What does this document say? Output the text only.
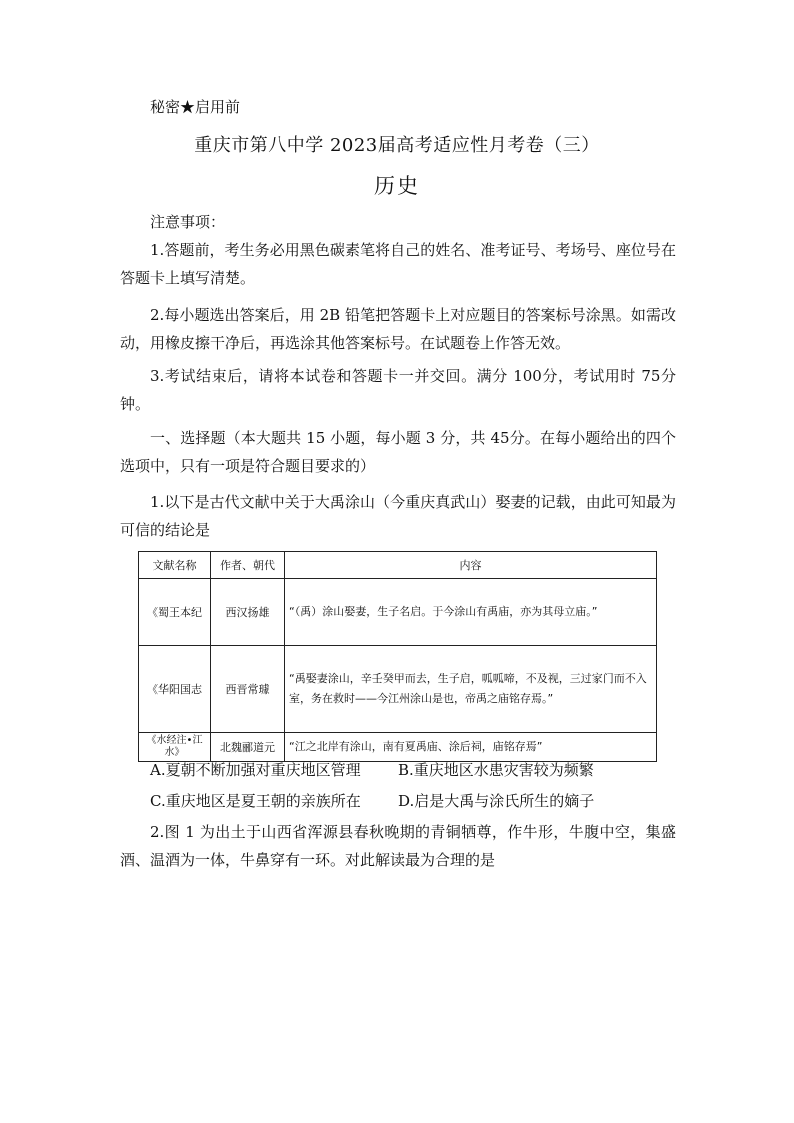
秘密★启用前
重庆市第八中学 2023届高考适应性月考卷（三）
历史

注意事项：

1.答题前，考生务必用黑色碳素笔将自己的姓名、准考证号、考场号、座位号在答题卡上填写清楚。

2.每小题选出答案后，用 2B 铅笔把答题卡上对应题目的答案标号涂黑。如需改动，用橡皮擦干净后，再选涂其他答案标号。在试题卷上作答无效。

3.考试结束后，请将本试卷和答题卡一并交回。满分 100分，考试用时 75分钟。

一、选择题（本大题共 15 小题，每小题 3 分，共 45分。在每小题给出的四个选项中，只有一项是符合题目要求的）

1.以下是古代文献中关于大禹涂山（今重庆真武山）娶妻的记载，由此可知最为可信的结论是

文献名称	作者、朝代	内容
《蜀王本纪	西汉扬雄	“（禹）涂山娶妻，生子名启。于今涂山有禹庙，亦为其母立庙。”
《华阳国志	西晋常璩	“禹娶妻涂山，辛壬癸甲而去，生子启，呱呱啼，不及视，三过家门而不入室，务在救时——今江州涂山是也，帝禹之庙铭存焉。”
《水经注•江水》	北魏郦道元	“江之北岸有涂山，南有夏禹庙、涂后祠，庙铭存焉”
A.夏朝不断加强对重庆地区管理 B.重庆地区水患灾害较为频繁
C.重庆地区是夏王朝的亲族所在 D.启是大禹与涂氏所生的嫡子

2.图 1 为出土于山西省浑源县春秋晚期的青铜牺尊，作牛形，牛腹中空，集盛酒、温酒为一体，牛鼻穿有一环。对此解读最为合理的是
